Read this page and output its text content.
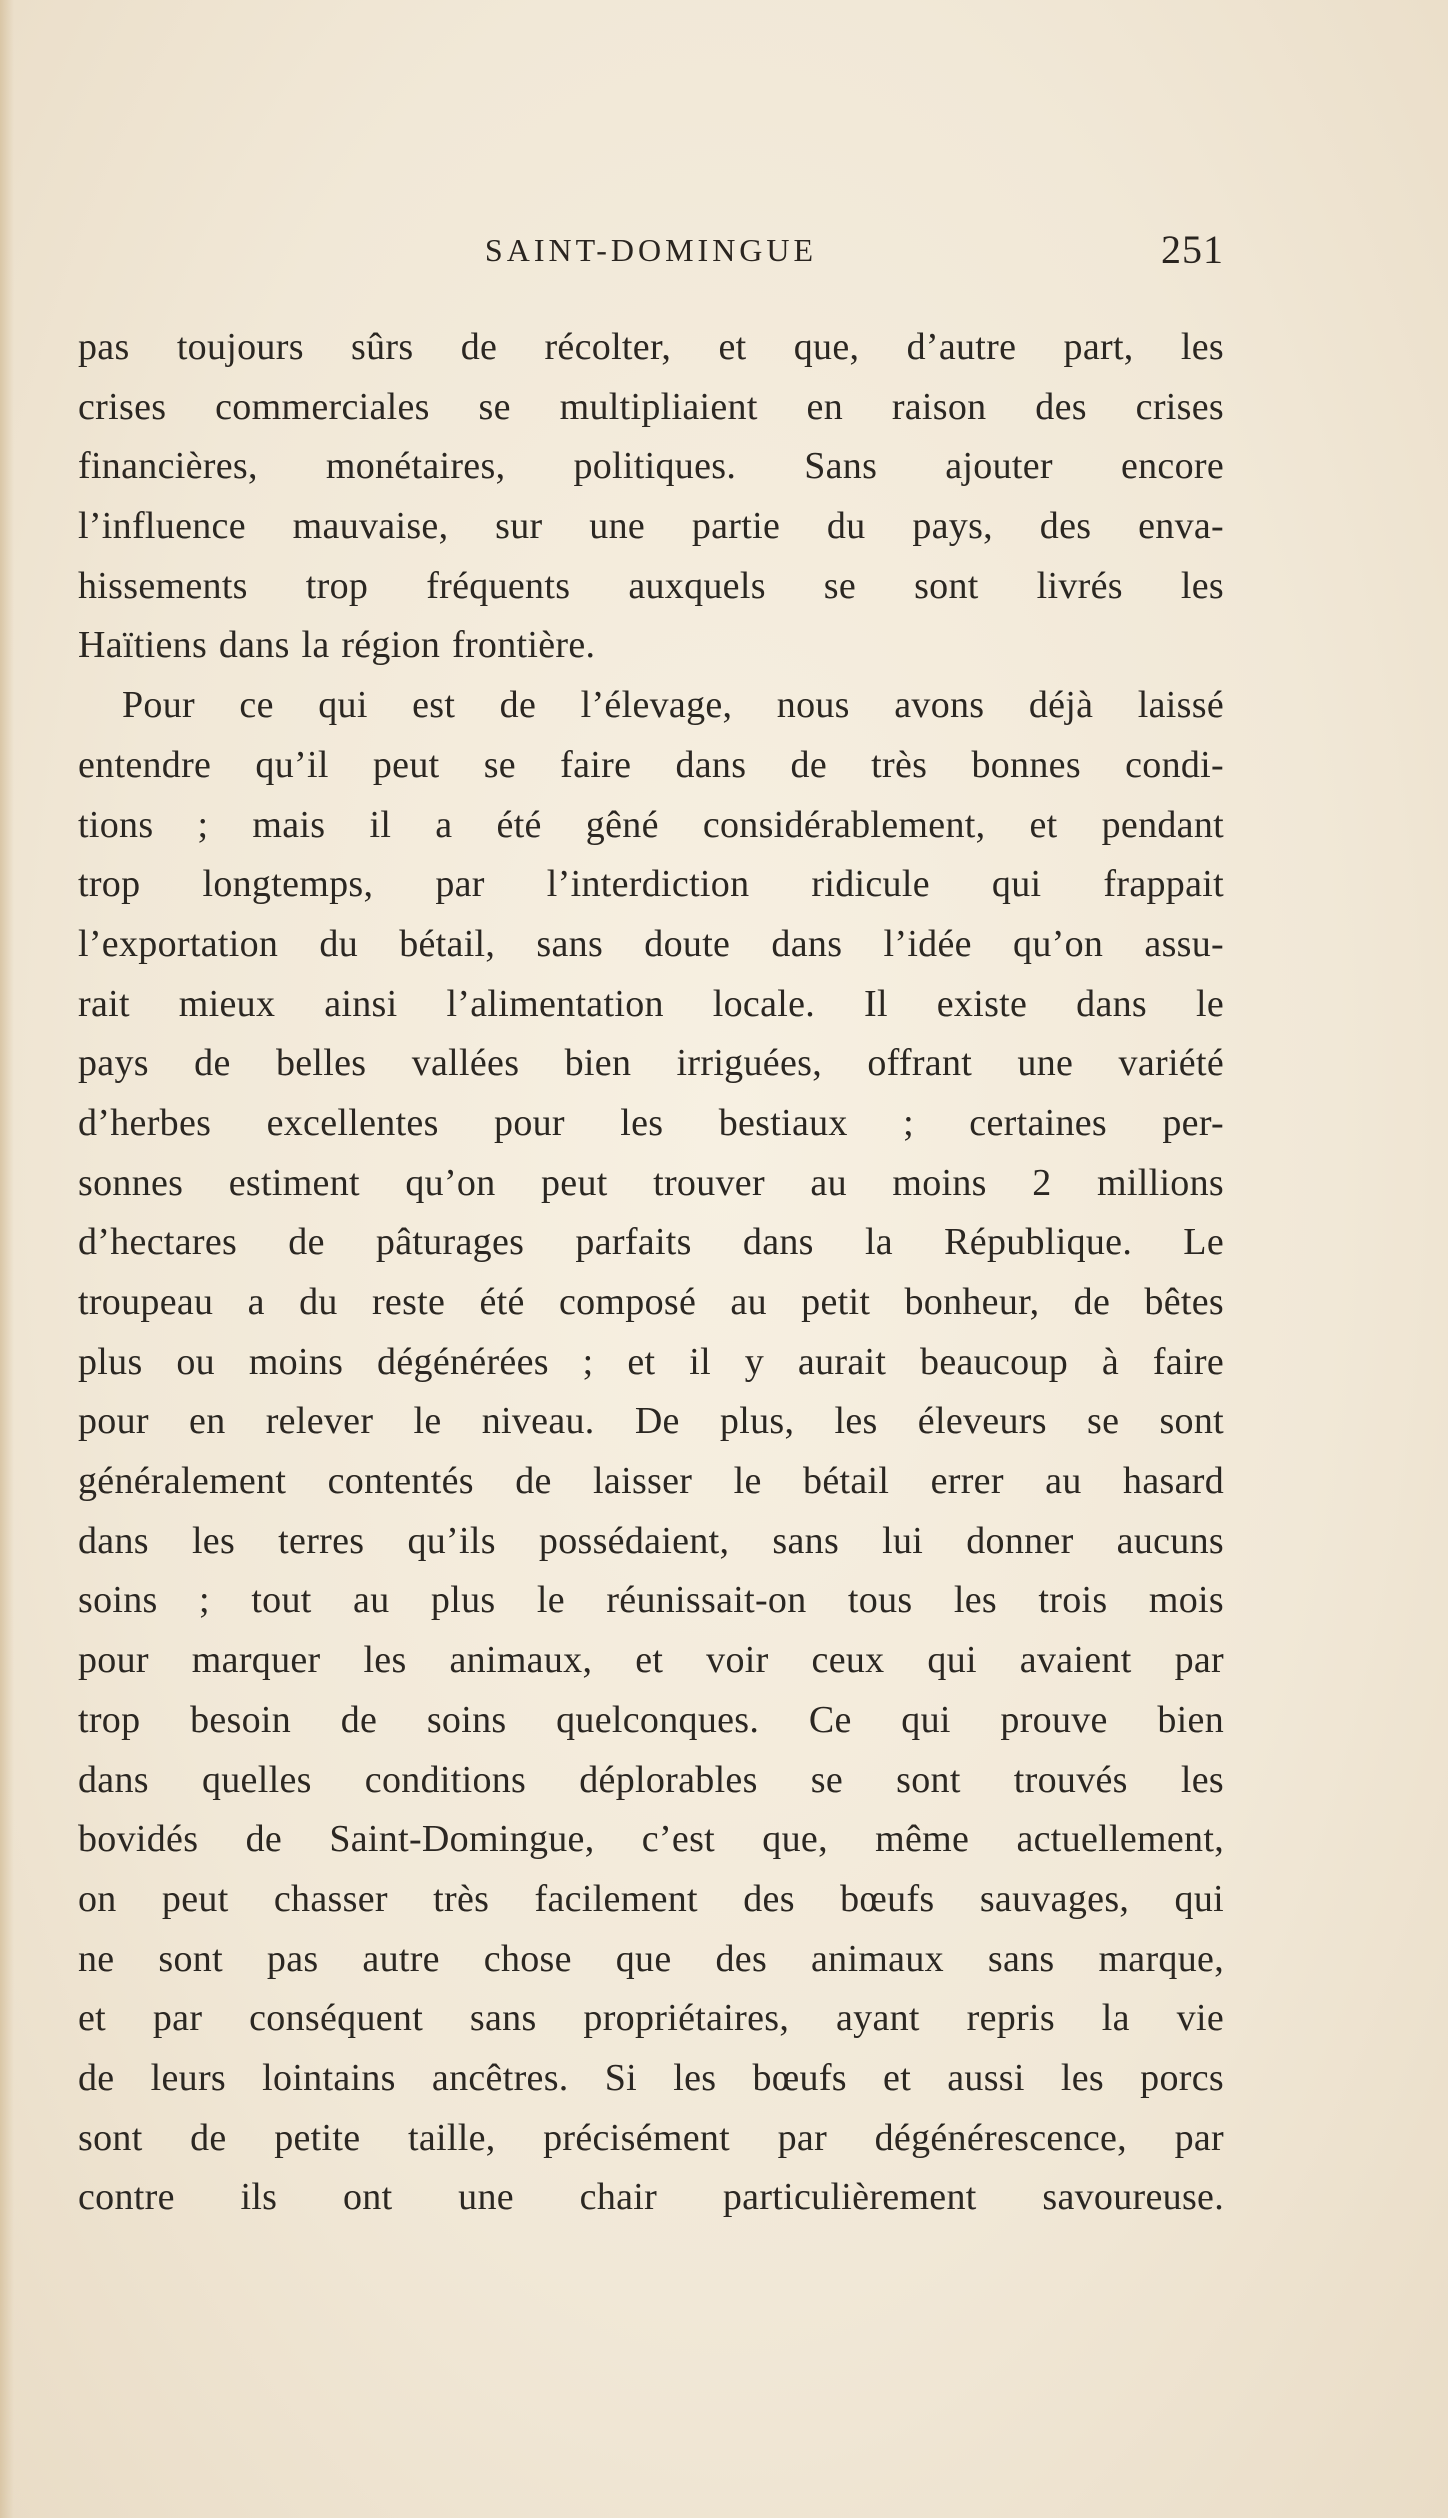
SAINT-DOMINGUE	251
pas toujours sûrs de récolter, et que, d’autre part, les
crises commerciales se multipliaient en raison des crises
financières, monétaires, politiques. Sans ajouter encore
l’influence mauvaise, sur une partie du pays, des enva-
hissements trop fréquents auxquels se sont livrés les
Haïtiens dans la région frontière.
Pour ce qui est de l’élevage, nous avons déjà laissé
entendre qu’il peut se faire dans de très bonnes condi-
tions ; mais il a été gêné considérablement, et pendant
trop longtemps, par l’interdiction ridicule qui frappait
l’exportation du bétail, sans doute dans l’idée qu’on assu-
rait mieux ainsi l’alimentation locale. Il existe dans le
pays de belles vallées bien irriguées, offrant une variété
d’herbes excellentes pour les bestiaux ; certaines per-
sonnes estiment qu’on peut trouver au moins 2 millions
d’hectares de pâturages parfaits dans la République. Le
troupeau a du reste été composé au petit bonheur, de bêtes
plus ou moins dégénérées ; et il y aurait beaucoup à faire
pour en relever le niveau. De plus, les éleveurs se sont
généralement contentés de laisser le bétail errer au hasard
dans les terres qu’ils possédaient, sans lui donner aucuns
soins ; tout au plus le réunissait-on tous les trois mois
pour marquer les animaux, et voir ceux qui avaient par
trop besoin de soins quelconques. Ce qui prouve bien
dans quelles conditions déplorables se sont trouvés les
bovidés de Saint-Domingue, c’est que, même actuellement,
on peut chasser très facilement des bœufs sauvages, qui
ne sont pas autre chose que des animaux sans marque,
et par conséquent sans propriétaires, ayant repris la vie
de leurs lointains ancêtres. Si les bœufs et aussi les porcs
sont de petite taille, précisément par dégénérescence, par
contre ils ont une chair particulièrement savoureuse.
